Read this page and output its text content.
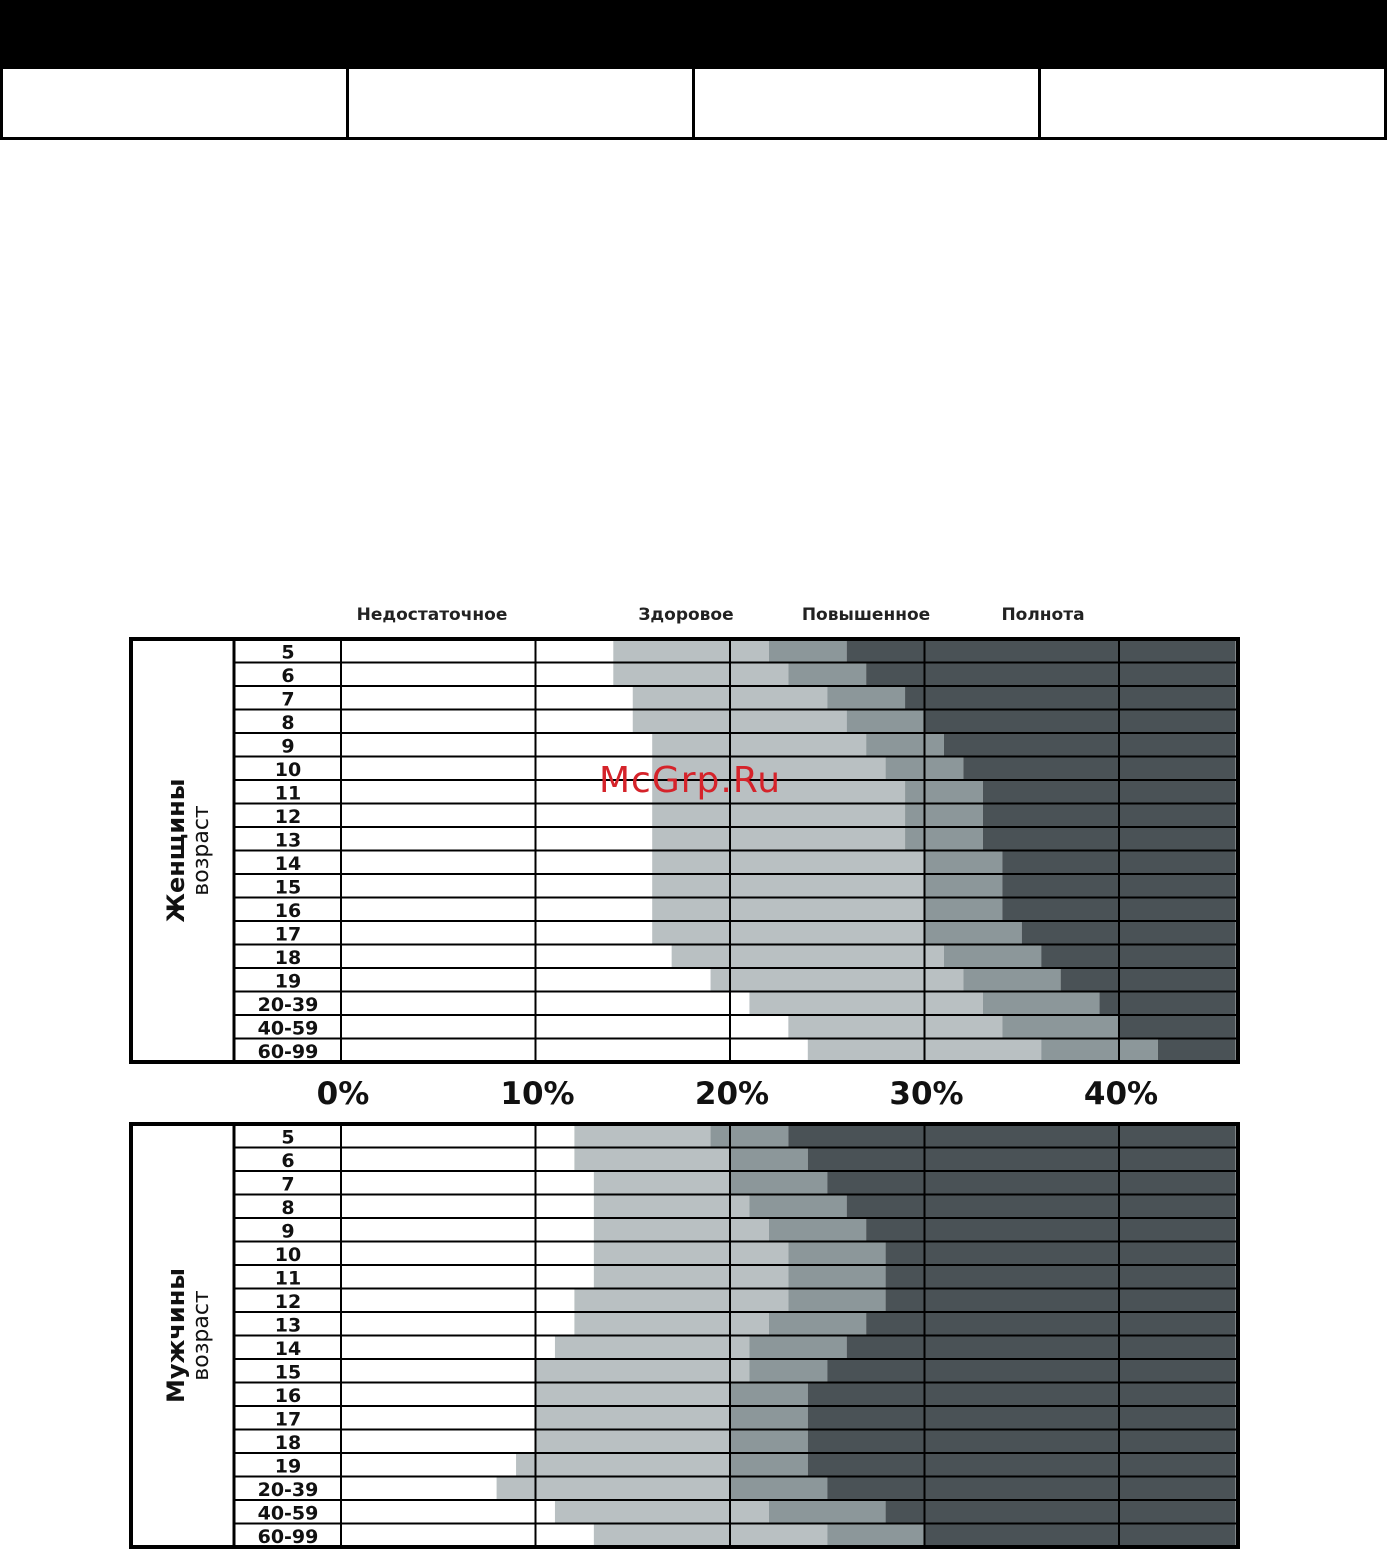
Недостаточное	Здоровое	Повышенное	Полнота
5
6
7
8
9
10
11
12
13
14
15
16
17
18
19
20-39
40-59
60-99
Женщины возраст
5
6
7
8
9
10
11
12
13
14
15
16
17
18
19
20-39
40-59
60-99
Мужчины возраст
0%	10%	20%	30%	40%
McGrp.Ru
